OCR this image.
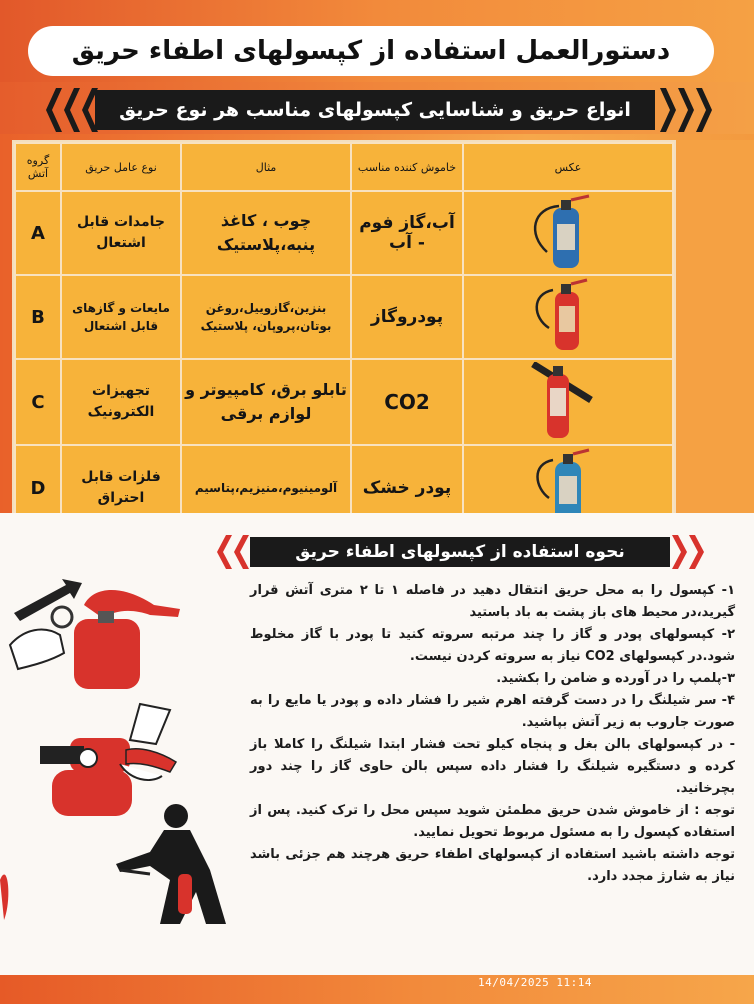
دستورالعمل استفاده از کپسولهای اطفاء حریق
انواع حریق و شناسایی کپسولهای مناسب هر نوع حریق
گروه آتش	نوع عامل حریق	مثال	خاموش کننده مناسب	عکس
A	جامدات قابل اشتعال	چوب ، کاغذ پنبه،پلاستیک	آب،گاز فوم - آب	

B	مایعات و گازهای قابل اشتعال	بنزین،گازوییل،روغن بوتان،پروپان، پلاستیک	پودروگاز	

C	تجهیزات الکترونیک	تابلو برق، کامپیوتر و لوازم برقی	CO2	

D	فلزات قابل احتراق	آلومینیوم،منیزیم،پتاسیم	پودر خشک	
نحوه استفاده از کپسولهای اطفاء حریق

۱- کپسول را به محل حریق انتقال دهید در فاصله ۱ تا ۲ متری آتش قرار گیرید،در محیط های باز پشت به باد باستید

۲- کپسولهای پودر و گاز را چند مرتبه سروته کنید تا پودر با گاز مخلوط شود.در کپسولهای CO2 نیاز به سروته کردن نیست.

۳-پلمپ را در آورده و ضامن را بکشید.

۴- سر شیلنگ را در دست گرفته اهرم شیر را فشار داده و پودر یا مایع را به صورت جاروب به زیر آتش بپاشید.

- در کپسولهای بالن بغل و پنجاه کیلو تحت فشار ابتدا شیلنگ را کاملا باز کرده و دستگیره شیلنگ را فشار داده سپس بالن حاوی گاز را چند دور بچرخانید.

توجه : از خاموش شدن حریق مطمئن شوید سپس محل را ترک کنید. پس از استفاده کپسول را به مسئول مربوط تحویل نمایید.

توجه داشته باشید استفاده از کپسولهای اطفاء حریق هرچند هم جزئی باشد نیاز به شارژ مجدد دارد.

14/04/2025 11:14
